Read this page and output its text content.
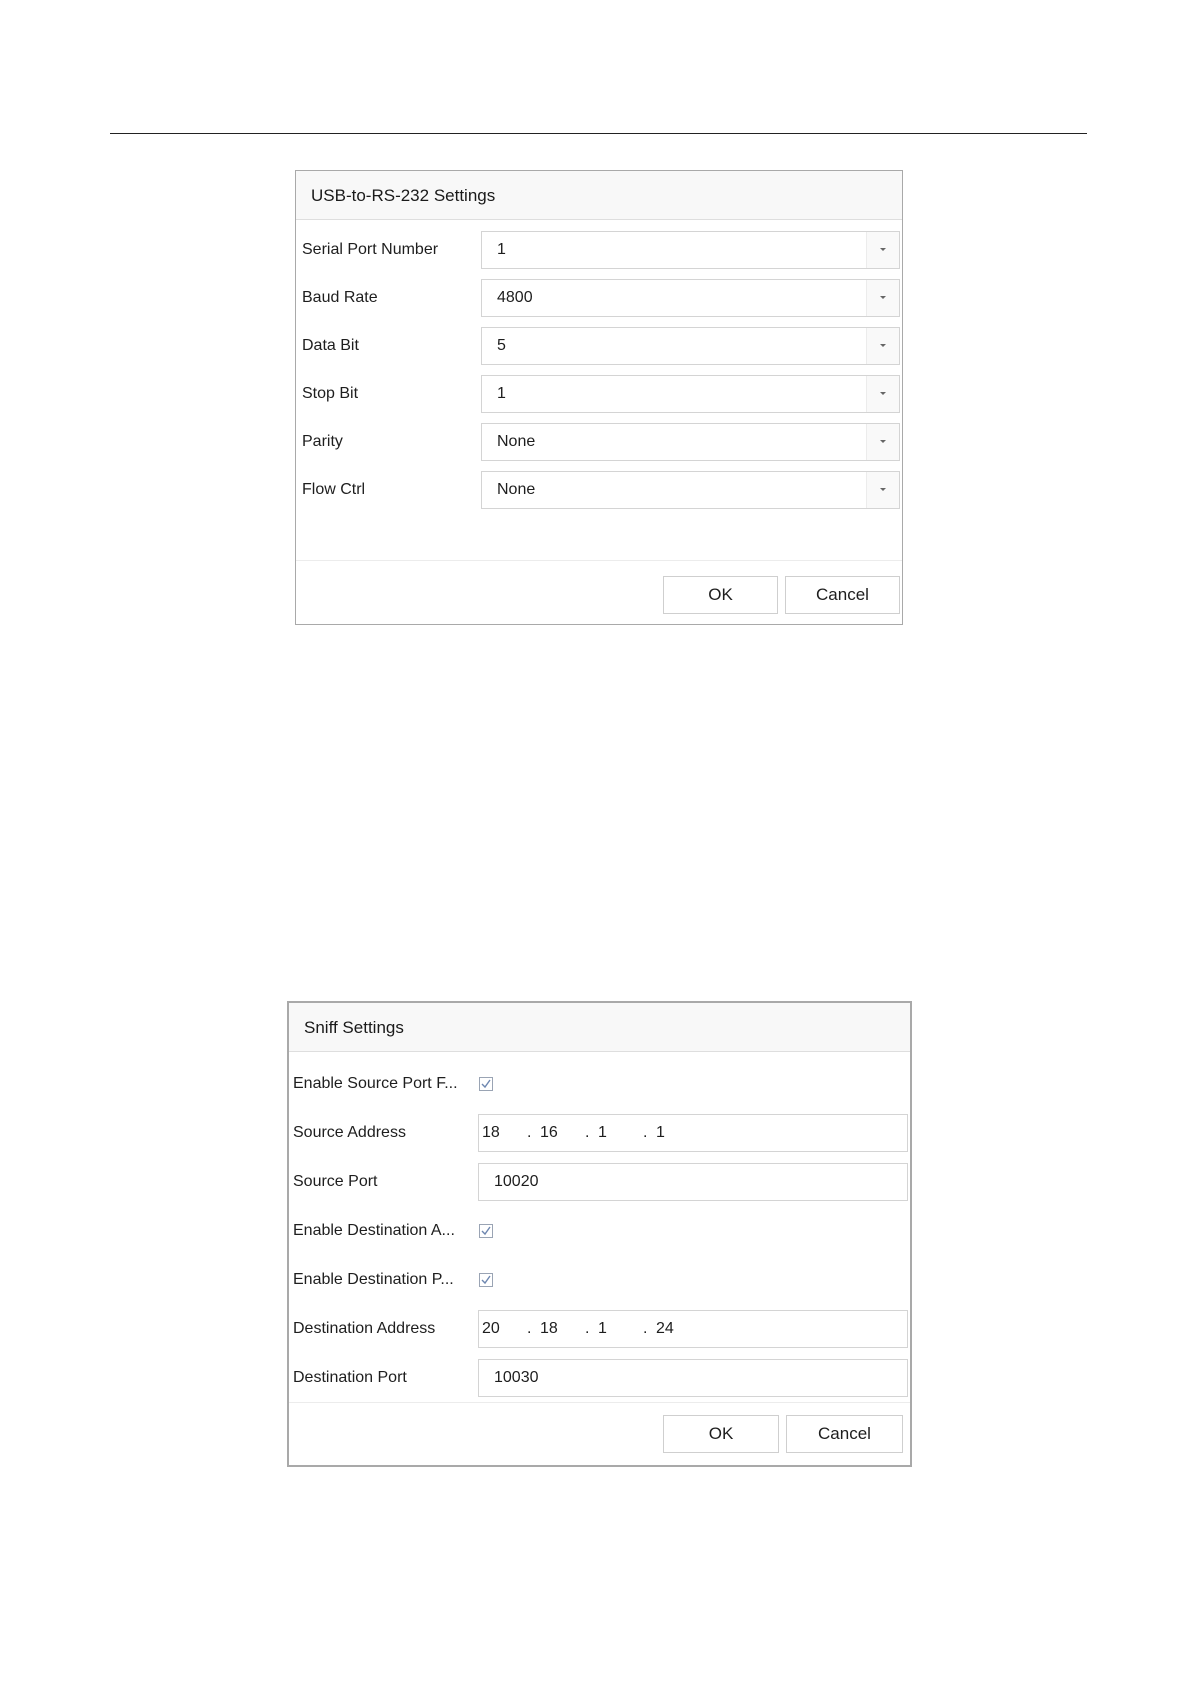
USB-to-RS-232 Settings
Serial Port Number	1
Baud Rate	4800
Data Bit	5
Stop Bit	1
Parity	None
Flow Ctrl	None
OK	Cancel
Sniff Settings
Enable Source Port F...
Source Address	18 . 16 . 1 . 1
Source Port	10020
Enable Destination A...
Enable Destination P...
Destination Address	20 . 18 . 1 . 24
Destination Port	10030
OK	Cancel
